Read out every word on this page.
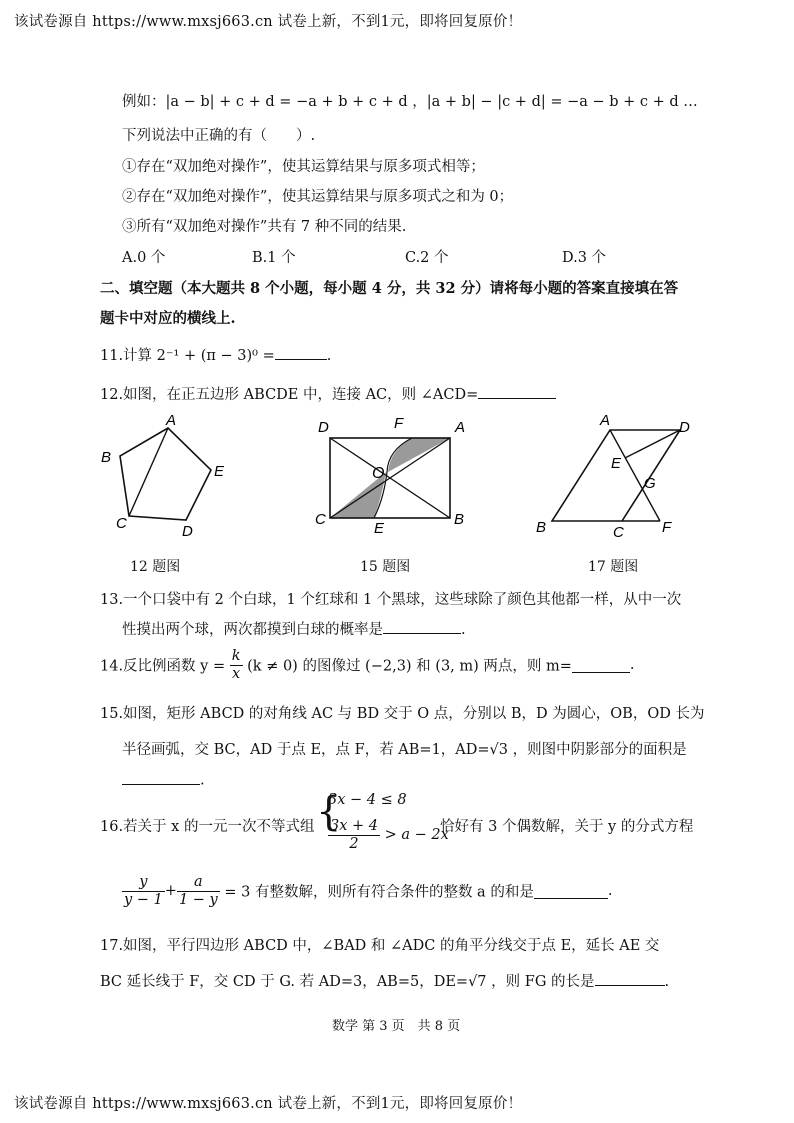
该试卷源自 https://www.mxsj663.cn 试卷上新，不到1元，即将回复原价！
例如：|a − b| + c + d = −a + b + c + d ，|a + b| − |c + d| = −a − b + c + d …
下列说法中正确的有（　　）.
①存在“双加绝对操作”，使其运算结果与原多项式相等；
②存在“双加绝对操作”，使其运算结果与原多项式之和为 0；
③所有“双加绝对操作”共有 7 种不同的结果.
A.0 个	B.1 个	C.2 个	D.3 个
二、填空题（本大题共 8 个小题，每小题 4 分，共 32 分）请将每小题的答案直接填在答
题卡中对应的横线上.
11.计算 2⁻¹ + (π − 3)⁰ =	.
12.如图，在正五边形 ABCDE 中，连接 AC，则 ∠ACD=
A
B
E
C	D
D	F	A
O
C
E
B
A	D
E
G
B	C	F
12 题图	15 题图	17 题图
13.一个口袋中有 2 个白球，1 个红球和 1 个黑球，这些球除了颜色其他都一样，从中一次
性摸出两个球，两次都摸到白球的概率是	.
14.反比例函数 $y = \frac{k}{x} (k \ne 0)$ 的图像过 (−2,3) 和 (3, m) 两点，则 m=	.
15.如图，矩形 ABCD 的对角线 AC 与 BD 交于 O 点，分别以 B，D 为圆心，OB，OD 长为
半径画弧，交 BC，AD 于点 E，点 F，若 AB=1，AD=√3 ，则图中阴影部分的面积是
.
16.若关于 x 的一元一次不等式组 {
3x − 4 ≤ 8
$\frac{3x + 4}{2} > a - 2x$
恰好有 3 个偶数解，关于 y 的分式方程
$\frac{y}{y - 1} + \frac{a}{1 - y} = 3$ 有整数解，则所有符合条件的整数 a 的和是	.
17.如图，平行四边形 ABCD 中，∠BAD 和 ∠ADC 的角平分线交于点 E，延长 AE 交
BC 延长线于 F，交 CD 于 G. 若 AD=3，AB=5，DE=√7 ，则 FG 的长是	.
数学 第 3 页　共 8 页
该试卷源自 https://www.mxsj663.cn 试卷上新，不到1元，即将回复原价！
